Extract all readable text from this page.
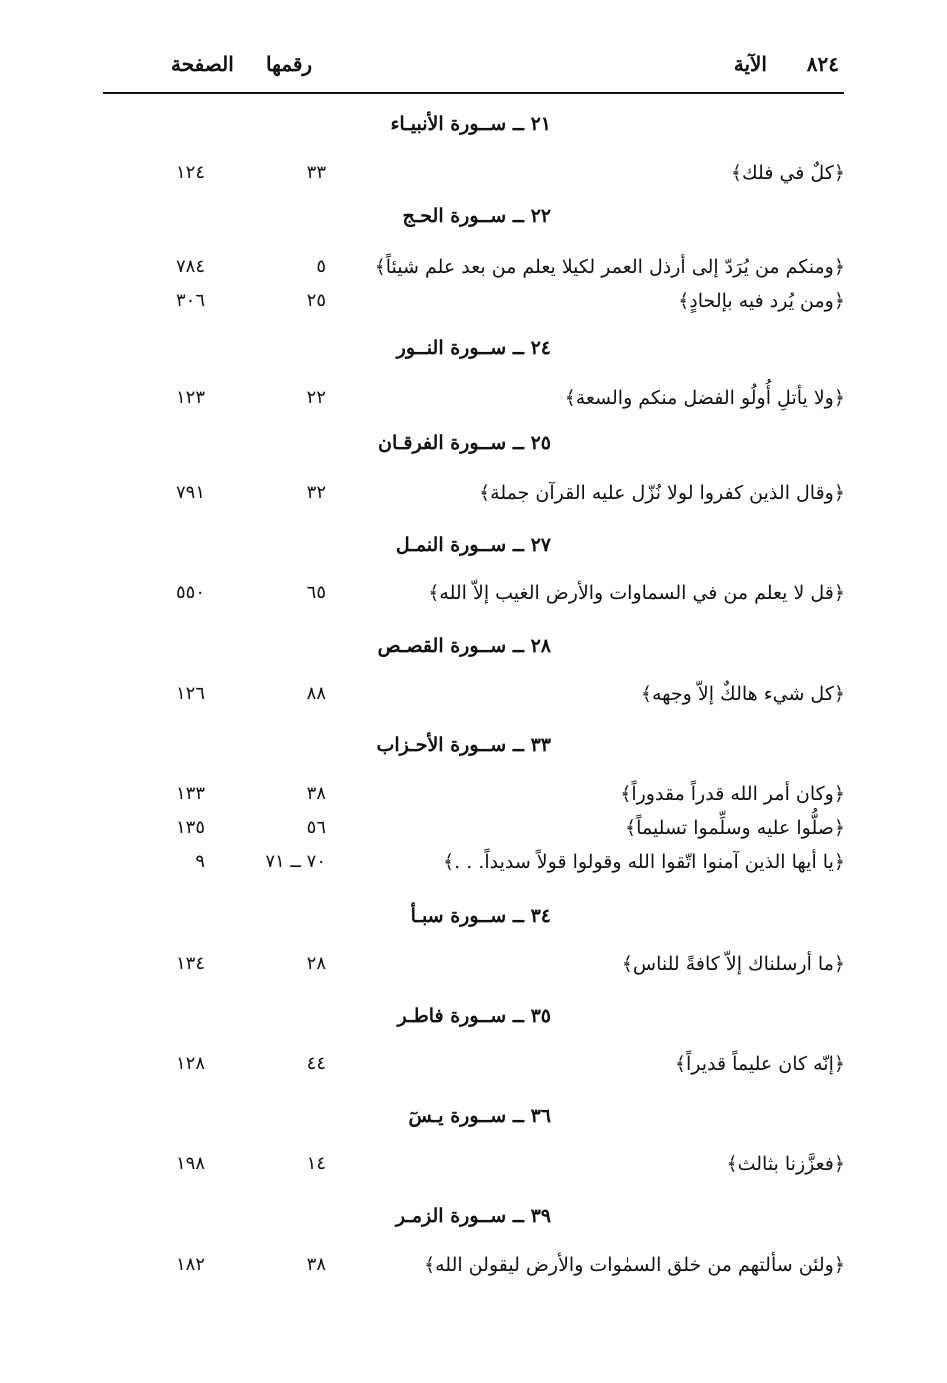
٨٢٤
الآية
رقمها
الصفحة
٢١ ــ ســورة الأنبيـاء
﴿كلٌ في فلك﴾
٣٣
١٢٤
٢٢ ــ ســورة الحـج
﴿ومنكم من يُرَدّ إلى أرذل العمر لكيلا يعلم من بعد علم شيئاً﴾
٥
٧٨٤
﴿ومن يُرد فيه بإلحادٍ﴾
٢٥
٣٠٦
٢٤ ــ ســورة النــور
﴿ولا يأتلِ أُولُو الفضل منكم والسعة﴾
٢٢
١٢٣
٢٥ ــ ســورة الفرقـان
﴿وقال الذين كفروا لولا نُزّل عليه القرآن جملة﴾
٣٢
٧٩١
٢٧ ــ ســورة النمـل
﴿قل لا يعلم من في السماوات والأرض الغيب إلاّ الله﴾
٦٥
٥٥٠
٢٨ ــ ســورة القصـص
﴿كل شيء هالكٌ إلاّ وجهه﴾
٨٨
١٢٦
٣٣ ــ ســورة الأحـزاب
﴿وكان أمر الله قدراً مقدوراً﴾
٣٨
١٣٣
﴿صلُّوا عليه وسلِّموا تسليماً﴾
٥٦
١٣٥
﴿يا أيها الذين آمنوا اتّقوا الله وقولوا قولاً سديداً. . .﴾
٧٠ ــ ٧١
٩
٣٤ ــ ســورة سبـأ
﴿ما أرسلناك إلاّ كافةً للناس﴾
٢٨
١٣٤
٣٥ ــ ســورة فاطـر
﴿إنّه كان عليماً قديراً﴾
٤٤
١٢٨
٣٦ ــ ســورة يـسٓ
﴿فعزَّزنا بثالث﴾
١٤
١٩٨
٣٩ ــ ســورة الزمـر
﴿ولئن سألتهم من خلق السمٰوات والأرض ليقولن الله﴾
٣٨
١٨٢
